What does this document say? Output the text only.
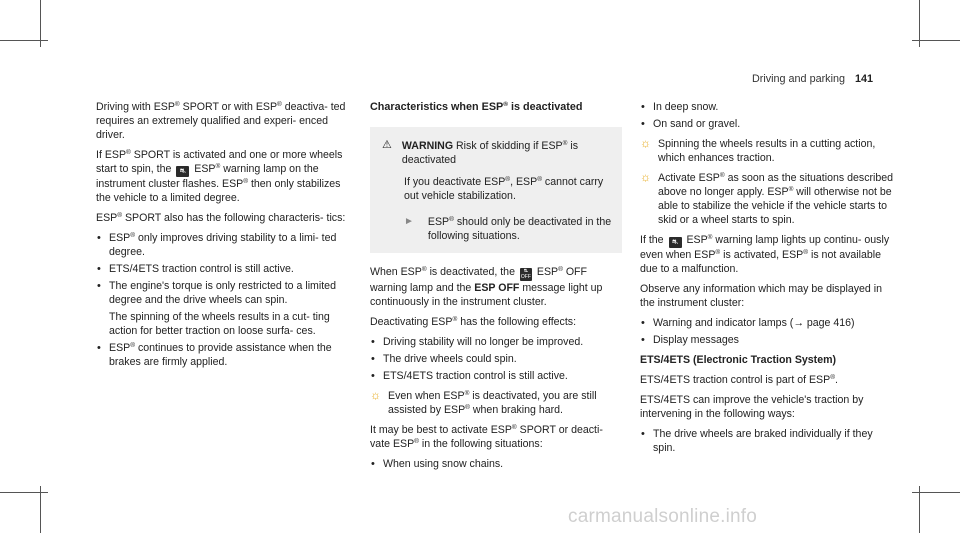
Driving and parking 141

Driving with ESP® SPORT or with ESP® deactiva- ted requires an extremely qualified and experi- enced driver.

If ESP® SPORT is activated and one or more wheels start to spin, the ⛐ ESP® warning lamp on the instrument cluster flashes. ESP® then only stabilizes the vehicle to a limited degree.

ESP® SPORT also has the following characteris- tics:

• ESP® only improves driving stability to a limi- ted degree.
• ETS/4ETS traction control is still active.

• The engine's torque is only restricted to a limited degree and the drive wheels can spin.

The spinning of the wheels results in a cut- ting action for better traction on loose surfa- ces.

• ESP® continues to provide assistance when the brakes are firmly applied.
Characteristics when ESP® is deactivated
⚠ WARNING Risk of skidding if ESP® is deactivated

If you deactivate ESP®, ESP® cannot carry out vehicle stabilization.

► ESP® should only be deactivated in the following situations.

When ESP® is deactivated, the ⛐
OFF ESP® OFF warning lamp and the ESP OFF message light up continuously in the instrument cluster.

Deactivating ESP® has the following effects:

• Driving stability will no longer be improved.
• The drive wheels could spin.
• ETS/4ETS traction control is still active.
☼ Even when ESP® is deactivated, you are still assisted by ESP® when braking hard.

It may be best to activate ESP® SPORT or deacti- vate ESP® in the following situations:

• When using snow chains.
• In deep snow.
• On sand or gravel.
☼ Spinning the wheels results in a cutting action, which enhances traction.
☼ Activate ESP® as soon as the situations described above no longer apply. ESP® will otherwise not be able to stabilize the vehicle if the vehicle starts to skid or a wheel starts to spin.

If the ⛐ ESP® warning lamp lights up continu- ously even when ESP® is activated, ESP® is not available due to a malfunction.

Observe any information which may be displayed in the instrument cluster:

• Warning and indicator lamps (→ page 416)
• Display messages

ETS/4ETS (Electronic Traction System)

ETS/4ETS traction control is part of ESP®.

ETS/4ETS can improve the vehicle's traction by intervening in the following ways:

• The drive wheels are braked individually if they spin.
carmanualsonline.info
